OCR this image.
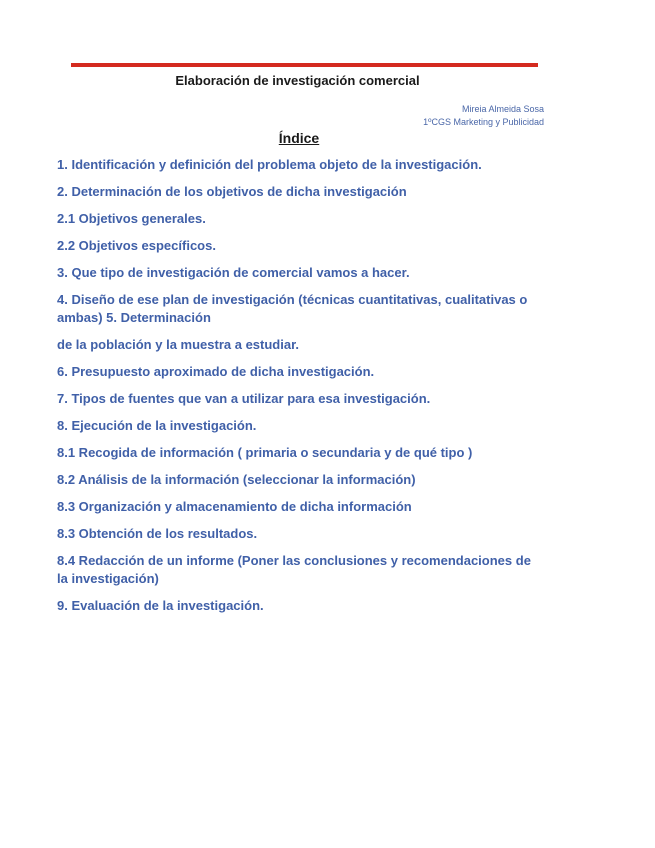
Elaboración de investigación comercial
Mireia Almeida Sosa
1ºCGS Marketing y Publicidad
Índice
1. Identificación y definición del problema objeto de la investigación.
2. Determinación de los objetivos de dicha investigación
2.1 Objetivos generales.
2.2 Objetivos específicos.
3. Que tipo de investigación de comercial vamos a hacer.
4. Diseño de ese plan de investigación (técnicas cuantitativas, cualitativas o ambas) 5. Determinación
de la población y la muestra a estudiar.
6. Presupuesto aproximado de dicha investigación.
7. Tipos de fuentes que van a utilizar para esa investigación.
8. Ejecución de la investigación.
8.1 Recogida de información ( primaria o secundaria y de qué tipo )
8.2 Análisis de la información (seleccionar la información)
8.3 Organización y almacenamiento de dicha información
8.3 Obtención de los resultados.
8.4 Redacción de un informe (Poner las conclusiones y recomendaciones de la investigación)
9. Evaluación de la investigación.
